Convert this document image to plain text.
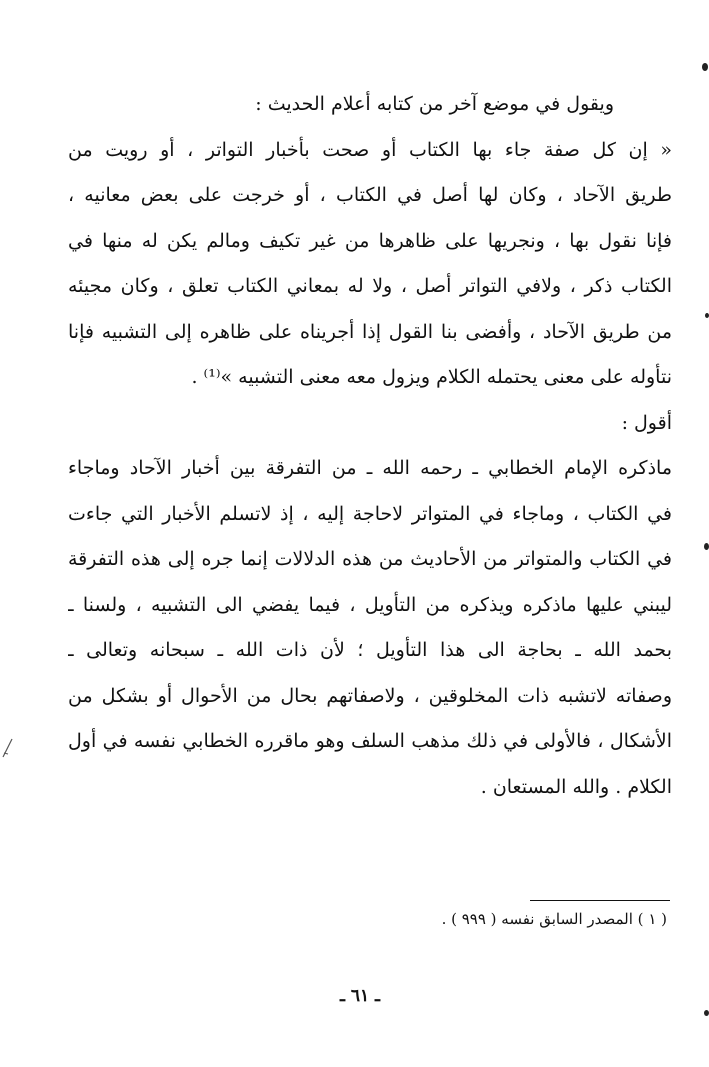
ويقول في موضع آخر من كتابه أعلام الحديث :
« إن كل صفة جاء بها الكتاب أو صحت بأخبار التواتر ، أو رويت من
طريق الآحاد ، وكان لها أصل في الكتاب ، أو خرجت على بعض معانيه ،
فإنا نقول بها ، ونجريها على ظاهرها من غير تكيف ومالم يكن له منها في
الكتاب ذكر ، ولافي التواتر أصل ، ولا له بمعاني الكتاب تعلق ، وكان مجيئه
من طريق الآحاد ، وأفضى بنا القول إذا أجريناه على ظاهره إلى التشبيه فإنا
نتأوله على معنى يحتمله الكلام ويزول معه معنى التشبيه »⁽¹⁾ .
أقول :
ماذكره الإمام الخطابي ـ رحمه الله ـ من التفرقة بين أخبار الآحاد وماجاء
في الكتاب ، وماجاء في المتواتر لاحاجة إليه ، إذ لاتسلم الأخبار التي جاءت
في الكتاب والمتواتر من الأحاديث من هذه الدلالات إنما جره إلى هذه التفرقة
ليبني عليها ماذكره ويذكره من التأويل ، فيما يفضي الى التشبيه ، ولسنا ـ
بحمد الله ـ بحاجة الى هذا التأويل ؛ لأن ذات الله ـ سبحانه وتعالى ـ
وصفاته لاتشبه ذات المخلوقين ، ولاصفاتهم بحال من الأحوال أو بشكل من
الأشكال ، فالأولى في ذلك مذهب السلف وهو ماقرره الخطابي نفسه في أول
الكلام . والله المستعان .
( ١ ) المصدر السابق نفسه ( ٩٩٩ ) .
ـ ٦١ ـ
